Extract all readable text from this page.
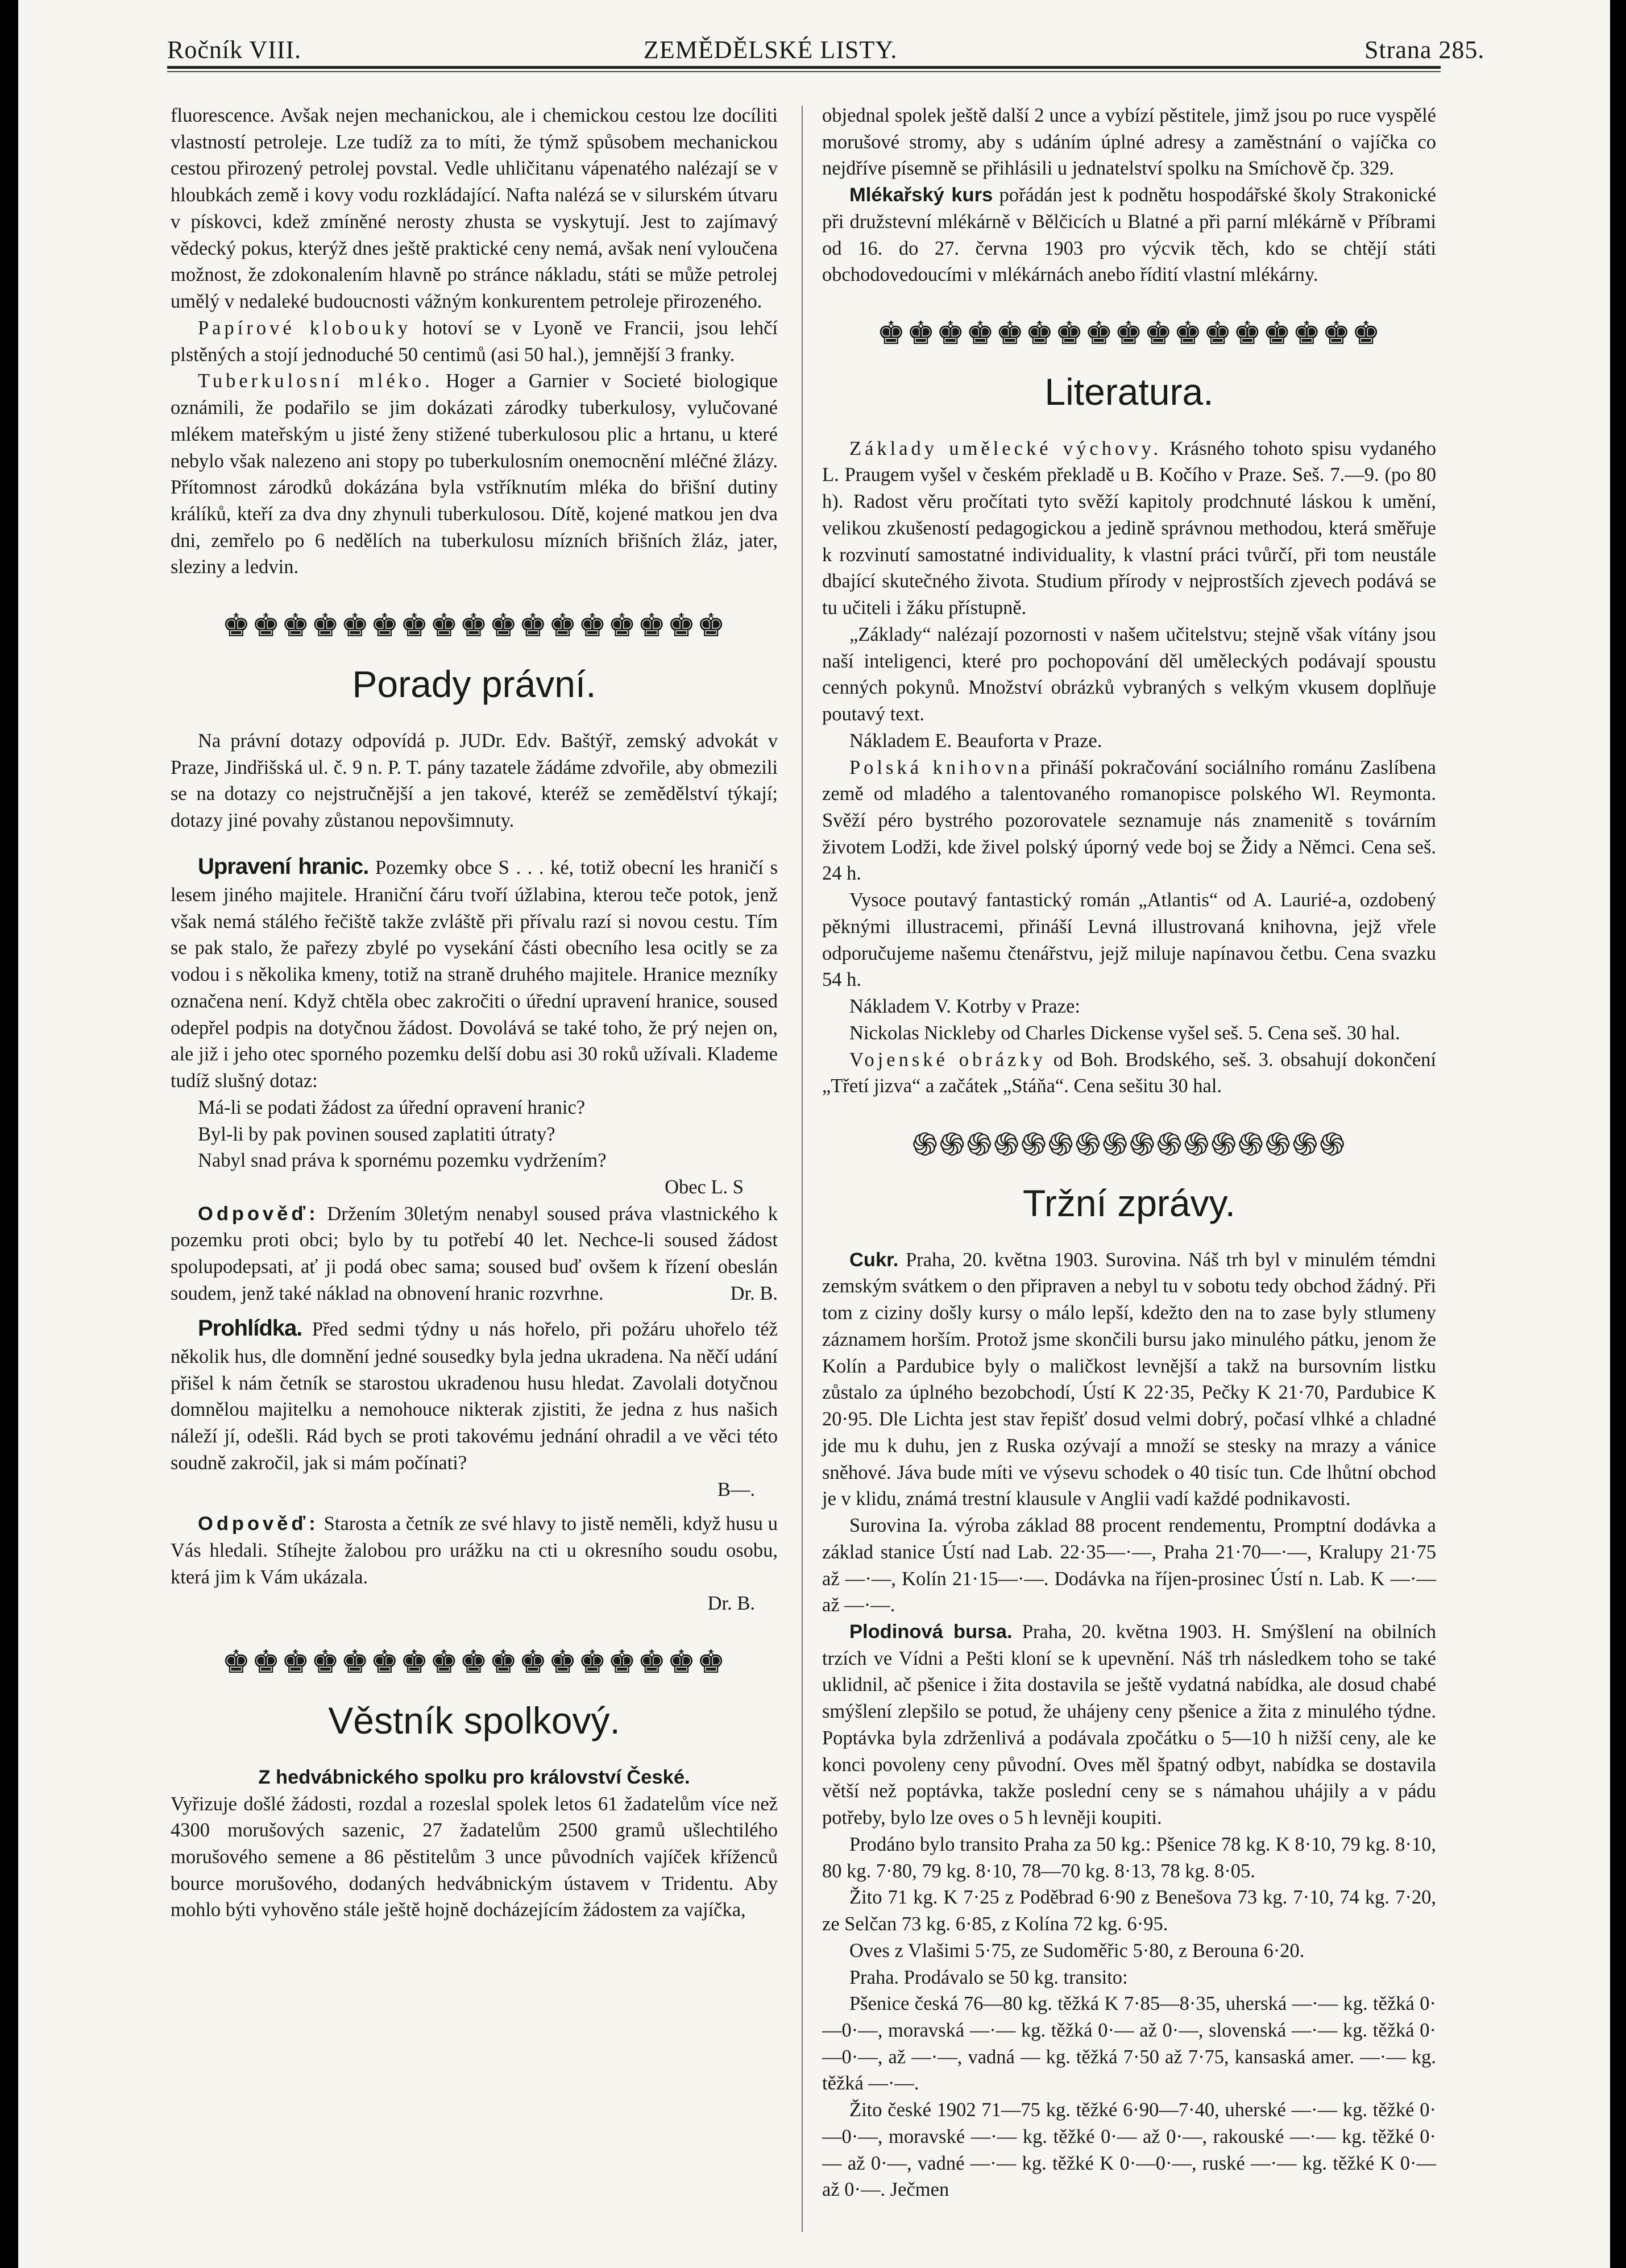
Ročník VIII.	ZEMĚDĚLSKÉ LISTY.	Strana 285.

fluorescence. Avšak nejen mechanickou, ale i chemickou cestou lze docíliti vlastností petroleje. Lze tudíž za to míti, že týmž spůsobem mechanickou cestou přirozený petrolej povstal. Vedle uhličitanu vápenatého nalézají se v hloubkách země i kovy vodu rozkládající. Nafta nalézá se v silurském útvaru v pískovci, kdež zmíněné nerosty zhusta se vyskytují. Jest to zajímavý vědecký pokus, kterýž dnes ještě praktické ceny nemá, avšak není vyloučena možnost, že zdokonalením hlavně po stránce nákladu, státi se může petrolej umělý v nedaleké budoucnosti vážným konkurentem petroleje přirozeného.

Papírové klobouky hotoví se v Lyoně ve Francii, jsou lehčí plstěných a stojí jednoduché 50 centimů (asi 50 hal.), jemnější 3 franky.

Tuberkulosní mléko. Hoger a Garnier v Societé biologique oznámili, že podařilo se jim dokázati zárodky tuberkulosy, vylučované mlékem mateřským u jisté ženy stižené tuberkulosou plic a hrtanu, u které nebylo však nalezeno ani stopy po tuberkulosním onemocnění mléčné žlázy. Přítomnost zárodků dokázána byla vstříknutím mléka do břišní dutiny králíků, kteří za dva dny zhynuli tuberkulosou. Dítě, kojené matkou jen dva dni, zemřelo po 6 nedělích na tuberkulosu mízních břišních žláz, jater, sleziny a ledvin.

♚♚♚♚♚♚♚♚♚♚♚♚♚♚♚♚♚
Porady právní.

Na právní dotazy odpovídá p. JUDr. Edv. Baštýř, zemský advokát v Praze, Jindřišská ul. č. 9 n. P. T. pány tazatele žádáme zdvořile, aby obmezili se na dotazy co nejstručnější a jen takové, kteréž se zemědělství týkají; dotazy jiné povahy zůstanou nepovšimnuty.

Upravení hranic. Pozemky obce S . . . ké, totiž obecní les hraničí s lesem jiného majitele. Hraniční čáru tvoří úžlabina, kterou teče potok, jenž však nemá stálého řečiště takže zvláště při přívalu razí si novou cestu. Tím se pak stalo, že pařezy zbylé po vysekání části obecního lesa ocitly se za vodou i s několika kmeny, totiž na straně druhého majitele. Hranice mezníky označena není. Když chtěla obec zakročiti o úřední upravení hranice, soused odepřel podpis na dotyčnou žádost. Dovolává se také toho, že prý nejen on, ale již i jeho otec sporného pozemku delší dobu asi 30 roků užívali. Klademe tudíž slušný dotaz:

Má-li se podati žádost za úřední opravení hranic?

Byl-li by pak povinen soused zaplatiti útraty?

Nabyl snad práva k spornému pozemku vydržením?

Obec L. S

Odpověď: Držením 30letým nenabyl soused práva vlastnického k pozemku proti obci; bylo by tu potřebí 40 let. Nechce-li soused žádost spolupodepsati, ať ji podá obec sama; soused buď ovšem k řízení obeslán soudem, jenž také náklad na obnovení hranic rozvrhne.	Dr. B.

Prohlídka. Před sedmi týdny u nás hořelo, při požáru uhořelo též několik hus, dle domnění jedné sousedky byla jedna ukradena. Na něčí udání přišel k nám četník se starostou ukradenou husu hledat. Zavolali dotyčnou domnělou majitelku a nemohouce nikterak zjistiti, že jedna z hus našich náleží jí, odešli. Rád bych se proti takovému jednání ohradil a ve věci této soudně zakročil, jak si mám počínati?

B—.

Odpověď: Starosta a četník ze své hlavy to jistě neměli, když husu u Vás hledali. Stíhejte žalobou pro urážku na cti u okresního soudu osobu, která jim k Vám ukázala.

Dr. B.

♚♚♚♚♚♚♚♚♚♚♚♚♚♚♚♚♚
Věstník spolkový.

Z hedvábnického spolku pro království České.

Vyřizuje došlé žádosti, rozdal a rozeslal spolek letos 61 žadatelům více než 4300 morušových sazenic, 27 žadatelům 2500 gramů ušlechtilého morušového semene a 86 pěstitelům 3 unce původních vajíček kříženců bource morušového, dodaných hedvábnickým ústavem v Tridentu. Aby mohlo býti vyhověno stále ještě hojně docházejícím žádostem za vajíčka,

objednal spolek ještě další 2 unce a vybízí pěstitele, jimž jsou po ruce vyspělé morušové stromy, aby s udáním úplné adresy a zaměstnání o vajíčka co nejdříve písemně se přihlásili u jednatelství spolku na Smíchově čp. 329.

Mlékařský kurs pořádán jest k podnětu hospodářské školy Strakonické při družstevní mlékárně v Bělčicích u Blatné a při parní mlékárně v Příbrami od 16. do 27. června 1903 pro výcvik těch, kdo se chtějí státi obchodovedoucími v mlékárnách anebo řídití vlastní mlékárny.

♚♚♚♚♚♚♚♚♚♚♚♚♚♚♚♚♚
Literatura.

Základy umělecké výchovy. Krásného tohoto spisu vydaného L. Praugem vyšel v českém překladě u B. Kočího v Praze. Seš. 7.—9. (po 80 h). Radost věru pročítati tyto svěží kapitoly prodchnuté láskou k umění, velikou zkušeností pedagogickou a jedině správnou methodou, která směřuje k rozvinutí samostatné individuality, k vlastní práci tvůrčí, při tom neustále dbající skutečného života. Studium přírody v nejprostších zjevech podává se tu učiteli i žáku přístupně.

„Základy“ nalézají pozornosti v našem učitelstvu; stejně však vítány jsou naší inteligenci, které pro pochopování děl uměleckých podávají spoustu cenných pokynů. Množství obrázků vybraných s velkým vkusem doplňuje poutavý text.

Nákladem E. Beauforta v Praze.

Polská knihovna přináší pokračování sociálního románu Zaslíbena země od mladého a talentovaného romanopisce polského Wl. Reymonta. Svěží péro bystrého pozorovatele seznamuje nás znamenitě s továrním životem Lodži, kde živel polský úporný vede boj se Židy a Němci. Cena seš. 24 h.

Vysoce poutavý fantastický román „Atlantis“ od A. Laurié-a, ozdobený pěknými illustracemi, přináší Levná illustrovaná knihovna, jejž vřele odporučujeme našemu čtenářstvu, jejž miluje napínavou četbu. Cena svazku 54 h.

Nákladem V. Kotrby v Praze:

Nickolas Nickleby od Charles Dickense vyšel seš. 5. Cena seš. 30 hal.

Vojenské obrázky od Boh. Brodského, seš. 3. obsahují dokončení „Třetí jizva“ a začátek „Stáňa“. Cena sešitu 30 hal.

֍֍֍֍֍֍֍֍֍֍֍֍֍֍֍֍
Tržní zprávy.

Cukr. Praha, 20. května 1903. Surovina. Náš trh byl v minulém témdni zemským svátkem o den připraven a nebyl tu v sobotu tedy obchod žádný. Při tom z ciziny došly kursy o málo lepší, kdežto den na to zase byly stlumeny záznamem horším. Protož jsme skončili bursu jako minulého pátku, jenom že Kolín a Pardubice byly o maličkost levnější a takž na bursovním listku zůstalo za úplného bezobchodí, Ústí K 22·35, Pečky K 21·70, Pardubice K 20·95. Dle Lichta jest stav řepišť dosud velmi dobrý, počasí vlhké a chladné jde mu k duhu, jen z Ruska ozývají a množí se stesky na mrazy a vánice sněhové. Jáva bude míti ve výsevu schodek o 40 tisíc tun. Cde lhůtní obchod je v klidu, známá trestní klausule v Anglii vadí každé podnikavosti.

Surovina Ia. výroba základ 88 procent rendementu, Promptní dodávka a základ stanice Ústí nad Lab. 22·35—·—, Praha 21·70—·—, Kralupy 21·75 až —·—, Kolín 21·15—·—. Dodávka na říjen-prosinec Ústí n. Lab. K —·— až —·—.

Plodinová bursa. Praha, 20. května 1903. H. Smýšlení na obilních trzích ve Vídni a Pešti kloní se k upevnění. Náš trh následkem toho se také uklidnil, ač pšenice i žita dostavila se ještě vydatná nabídka, ale dosud chabé smýšlení zlepšilo se potud, že uhájeny ceny pšenice a žita z minulého týdne. Poptávka byla zdrženlivá a podávala zpočátku o 5—10 h nižší ceny, ale ke konci povoleny ceny původní. Oves měl špatný odbyt, nabídka se dostavila větší než poptávka, takže poslední ceny se s námahou uhájily a v pádu potřeby, bylo lze oves o 5 h levněji koupiti.

Prodáno bylo transito Praha za 50 kg.: Pšenice 78 kg. K 8·10, 79 kg. 8·10, 80 kg. 7·80, 79 kg. 8·10, 78—70 kg. 8·13, 78 kg. 8·05.

Žito 71 kg. K 7·25 z Poděbrad 6·90 z Benešova 73 kg. 7·10, 74 kg. 7·20, ze Selčan 73 kg. 6·85, z Kolína 72 kg. 6·95.

Oves z Vlašimi 5·75, ze Sudoměřic 5·80, z Berouna 6·20.

Praha. Prodávalo se 50 kg. transito:

Pšenice česká 76—80 kg. těžká K 7·85—8·35, uherská —·— kg. těžká 0·—0·—, moravská —·— kg. těžká 0·— až 0·—, slovenská —·— kg. těžká 0·—0·—, až —·—, vadná — kg. těžká 7·50 až 7·75, kansaská amer. —·— kg. těžká —·—.

Žito české 1902 71—75 kg. těžké 6·90—7·40, uherské —·— kg. těžké 0·—0·—, moravské —·— kg. těžké 0·— až 0·—, rakouské —·— kg. těžké 0·— až 0·—, vadné —·— kg. těžké K 0·—0·—, ruské —·— kg. těžké K 0·— až 0·—. Ječmen
